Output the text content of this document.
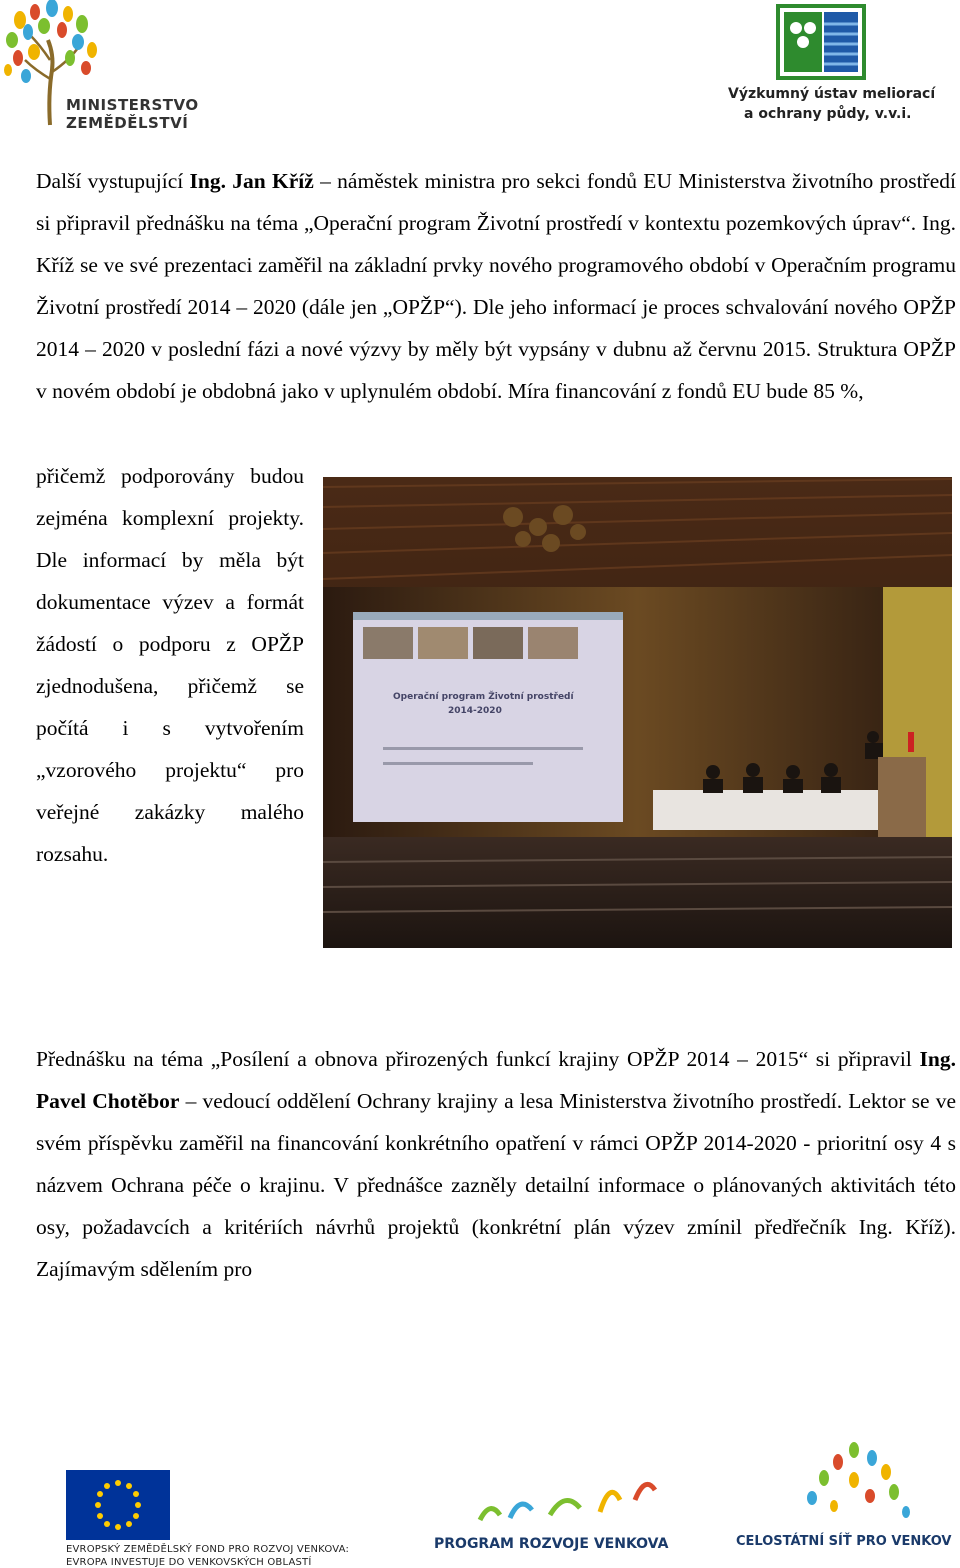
MINISTERSTVO ZEMĚDĚLSTVÍ
Výzkumný ústav meliorací
a ochrany půdy, v.v.i.
Další vystupující Ing. Jan Kříž – náměstek ministra pro sekci fondů EU Ministerstva životního prostředí si připravil přednášku na téma „Operační program Životní prostředí v kontextu pozemkových úprav“. Ing. Kříž se ve své prezentaci zaměřil na základní prvky nového programového období v Operačním programu Životní prostředí 2014 – 2020 (dále jen „OPŽP“). Dle jeho informací je proces schvalování nového OPŽP 2014 – 2020 v poslední fázi a nové výzvy by měly být vypsány v dubnu až červnu 2015. Struktura OPŽP v novém období je obdobná jako v uplynulém období. Míra financování z fondů EU bude 85 %,
přičemž podporovány budou zejména komplexní projekty. Dle informací by měla být dokumentace výzev a formát žádostí o podporu z OPŽP zjednodušena, přičemž se počítá i s vytvořením „vzorového projektu“ pro veřejné zakázky malého rozsahu.
Operační program Životní prostředí
2014-2020
Přednášku na téma „Posílení a obnova přirozených funkcí krajiny OPŽP 2014 – 2015“ si připravil Ing. Pavel Chotěbor – vedoucí oddělení Ochrany krajiny a lesa Ministerstva životního prostředí. Lektor se ve svém příspěvku zaměřil na financování konkrétního opatření v rámci OPŽP 2014-2020 - prioritní osy 4 s názvem Ochrana péče o krajinu. V přednášce zazněly detailní informace o plánovaných aktivitách této osy, požadavcích a kritériích návrhů projektů (konkrétní plán výzev zmínil předřečník Ing. Kříž). Zajímavým sdělením pro
EVROPSKÝ ZEMĚDĚLSKÝ FOND PRO ROZVOJ VENKOVA:
EVROPA INVESTUJE DO VENKOVSKÝCH OBLASTÍ
PROGRAM ROZVOJE VENKOVA	CELOSTÁTNÍ SÍŤ PRO VENKOV
